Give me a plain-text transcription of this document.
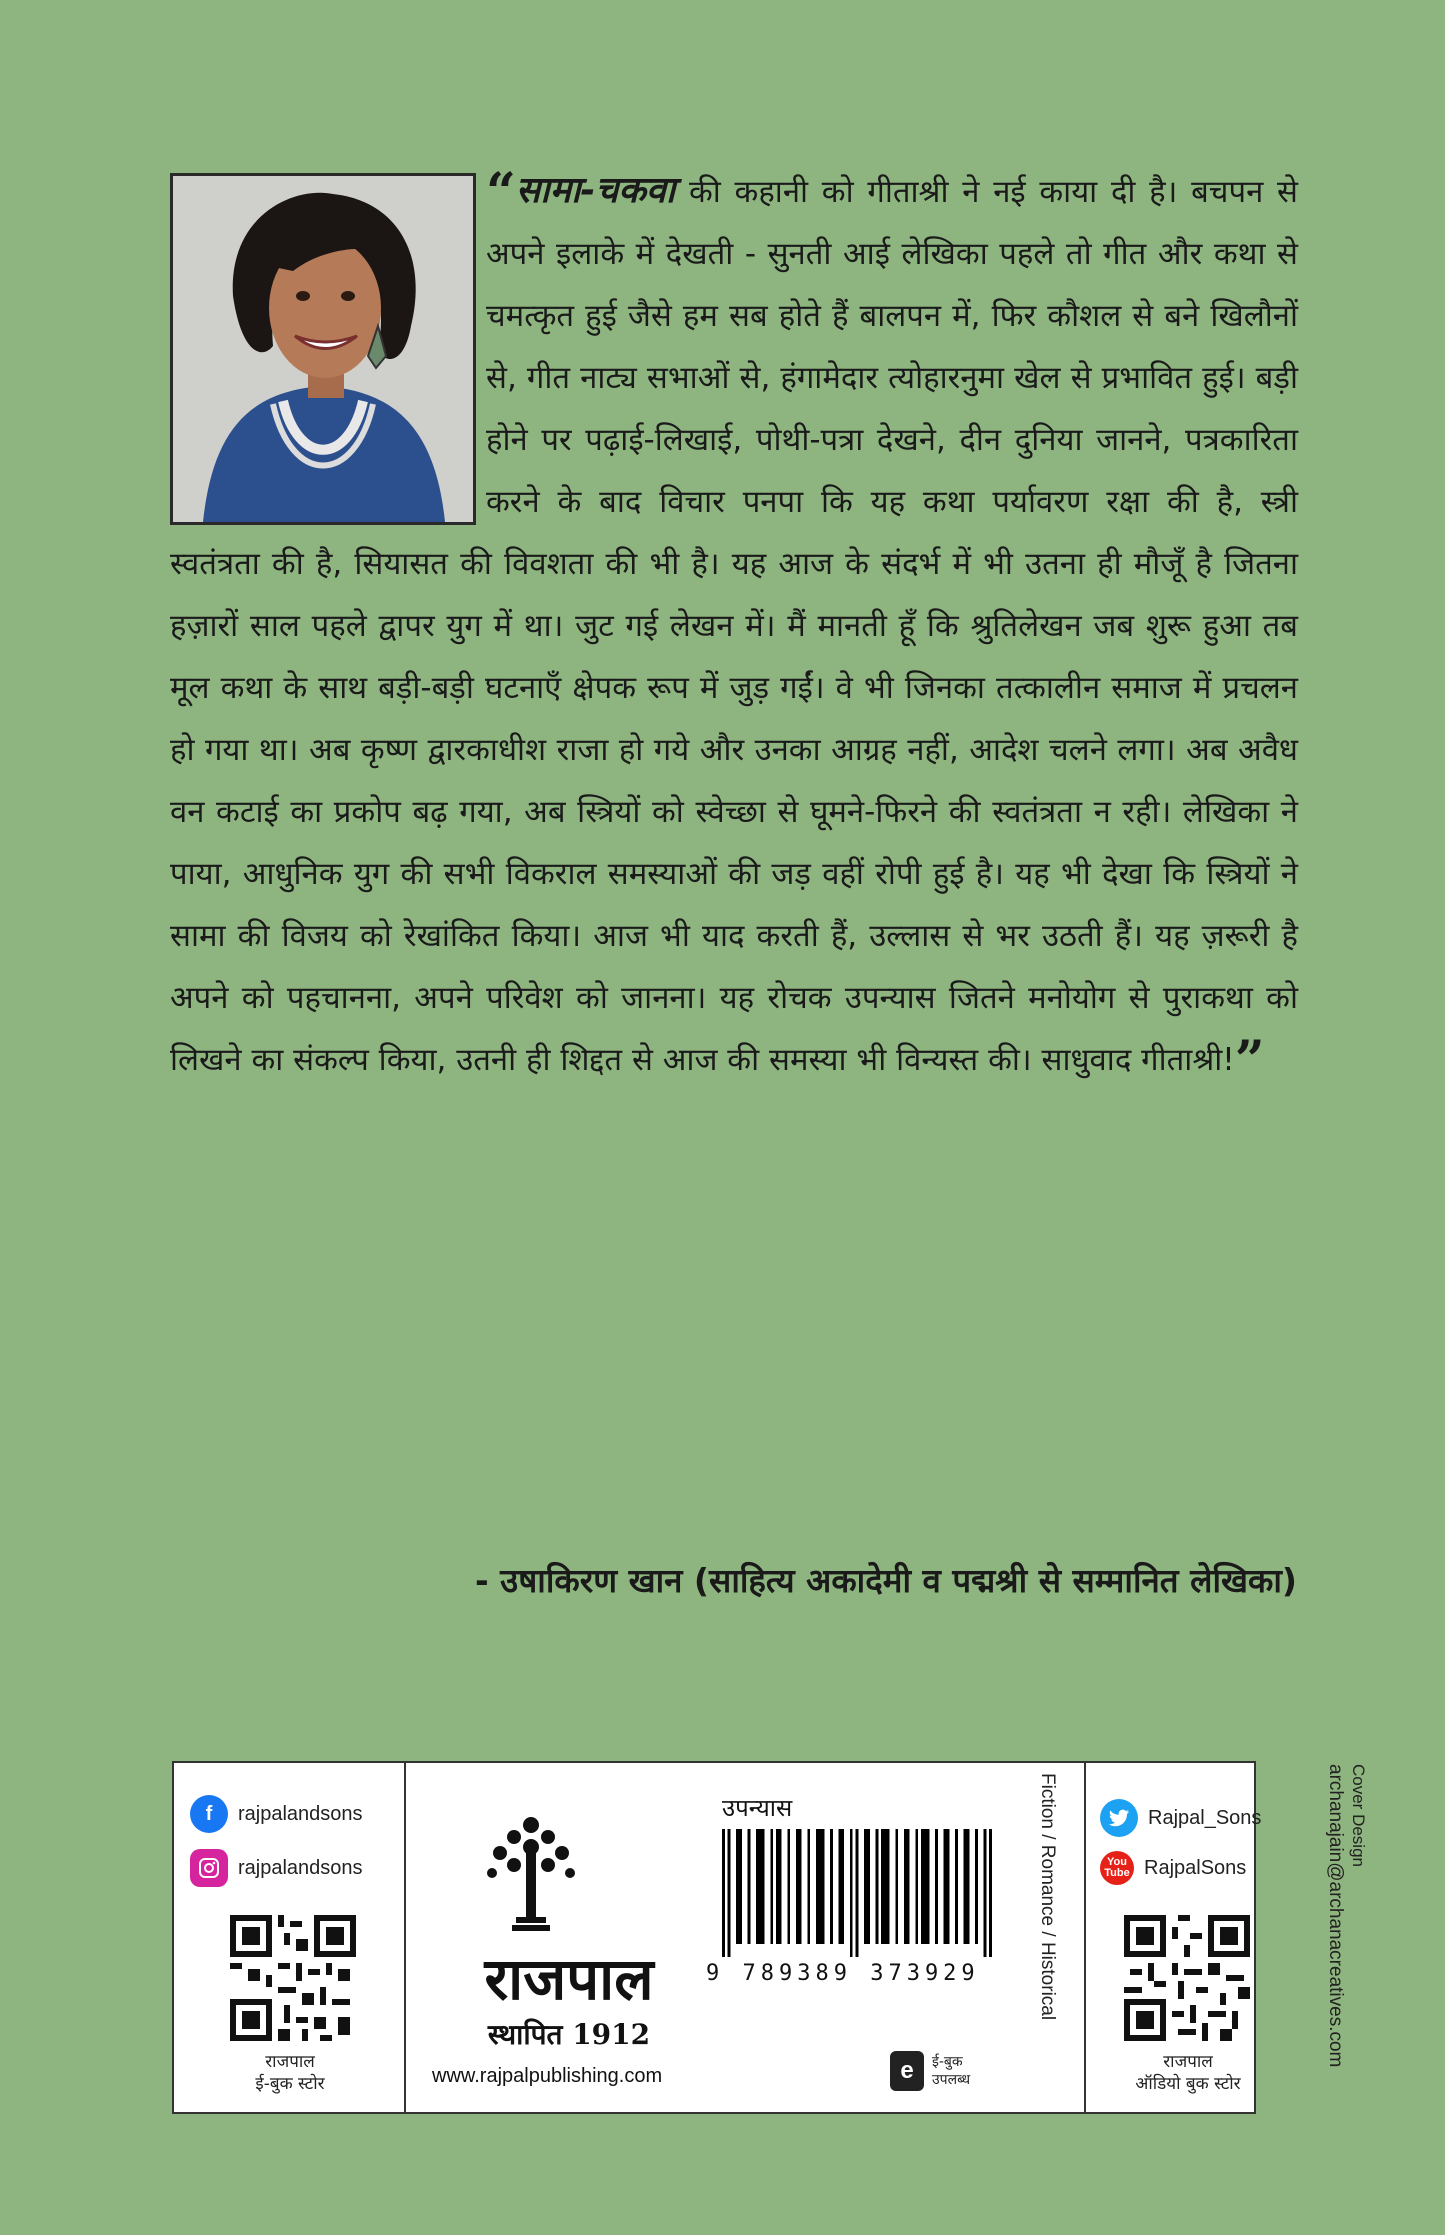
“सामा-चकवा की कहानी को गीताश्री ने नई काया दी है। बचपन से अपने इलाके में देखती - सुनती आई लेखिका पहले तो गीत और कथा से चमत्कृत हुई जैसे हम सब होते हैं बालपन में, फिर कौशल से बने खिलौनों से, गीत नाट्य सभाओं से, हंगामेदार त्योहारनुमा खेल से प्रभावित हुई। बड़ी होने पर पढ़ाई-लिखाई, पोथी-पत्रा देखने, दीन दुनिया जानने, पत्रकारिता करने के बाद विचार पनपा कि यह कथा पर्यावरण रक्षा की है, स्त्री स्वतंत्रता की है, सियासत की विवशता की भी है। यह आज के संदर्भ में भी उतना ही मौजूँ है जितना हज़ारों साल पहले द्वापर युग में था। जुट गई लेखन में। मैं मानती हूँ कि श्रुतिलेखन जब शुरू हुआ तब मूल कथा के साथ बड़ी-बड़ी घटनाएँ क्षेपक रूप में जुड़ गईं। वे भी जिनका तत्कालीन समाज में प्रचलन हो गया था। अब कृष्ण द्वारकाधीश राजा हो गये और उनका आग्रह नहीं, आदेश चलने लगा। अब अवैध वन कटाई का प्रकोप बढ़ गया, अब स्त्रियों को स्वेच्छा से घूमने-फिरने की स्वतंत्रता न रही। लेखिका ने पाया, आधुनिक युग की सभी विकराल समस्याओं की जड़ वहीं रोपी हुई है। यह भी देखा कि स्त्रियों ने सामा की विजय को रेखांकित किया। आज भी याद करती हैं, उल्लास से भर उठती हैं। यह ज़रूरी है अपने को पहचानना, अपने परिवेश को जानना। यह रोचक उपन्यास जितने मनोयोग से पुराकथा को लिखने का संकल्प किया, उतनी ही शिद्दत से आज की समस्या भी विन्यस्त की। साधुवाद गीताश्री!”
- उषाकिरण खान (साहित्य अकादेमी व पद्मश्री से सम्मानित लेखिका)
f	rajpalandsons
rajpalandsons
राजपाल
ई-बुक स्टोर
राजपाल
स्थापित 1912
www.rajpalpublishing.com
उपन्यास
9 789389 373929
e	ई-बुक
उपलब्ध
Fiction / Romance / Historical	Rajpal_Sons
You Tube RajpalSons
राजपाल
ऑडियो बुक स्टोर
Cover Design
archanajain@archanacreatives.com
